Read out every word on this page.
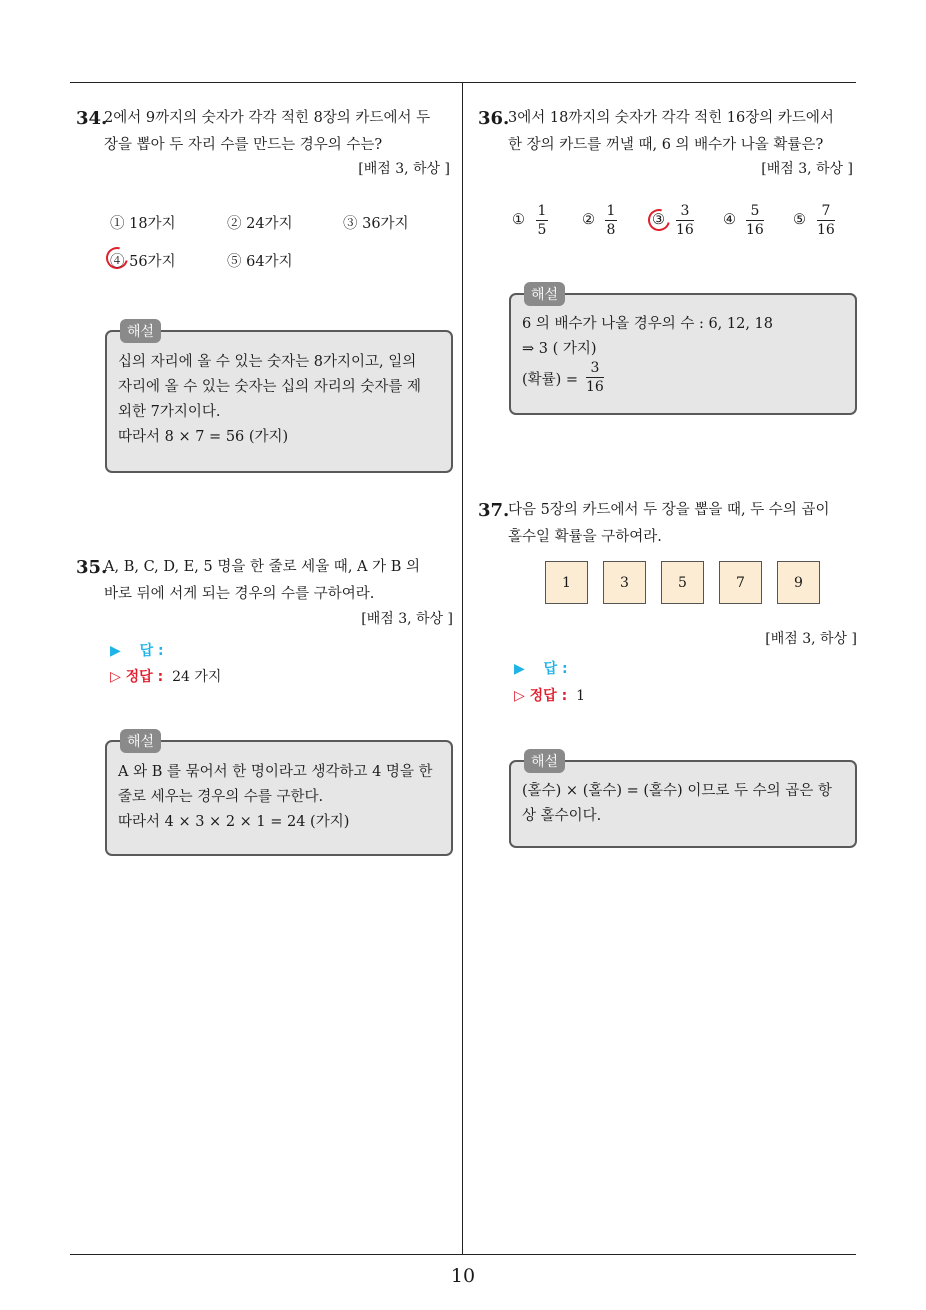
34.
2에서 9까지의 숫자가 각각 적힌 8장의 카드에서 두
장을 뽑아 두 자리 수를 만드는 경우의 수는?
[배점 3, 하상 ]
① 18가지	② 24가지	③ 36가지
④ 56가지	⑤ 64가지
해설
십의 자리에 올 수 있는 숫자는 8가지이고, 일의
자리에 올 수 있는 숫자는 십의 자리의 숫자를 제
외한 7가지이다.
따라서 8 × 7 = 56 (가지)
35.
A, B, C, D, E, 5 명을 한 줄로 세울 때, A 가 B 의
바로 뒤에 서게 되는 경우의 수를 구하여라.
[배점 3, 하상 ]
▶ 답 :
▷ 정답 : 24 가지
해설
A 와 B 를 묶어서 한 명이라고 생각하고 4 명을 한
줄로 세우는 경우의 수를 구한다.
따라서 4 × 3 × 2 × 1 = 24 (가지)
36.
3에서 18까지의 숫자가 각각 적힌 16장의 카드에서
한 장의 카드를 꺼낼 때, 6 의 배수가 나올 확률은?
[배점 3, 하상 ]
①
1
5
②
1
8
③
3
16
④
5
16
⑤
7
16
해설
6 의 배수가 나올 경우의 수 : 6, 12, 18
⇒ 3 ( 가지)
(확률) =
3
16
37.
다음 5장의 카드에서 두 장을 뽑을 때, 두 수의 곱이
홀수일 확률을 구하여라.
1	3	5	7	9
[배점 3, 하상 ]
▶ 답 :
▷ 정답 : 1
해설
(홀수) × (홀수) = (홀수) 이므로 두 수의 곱은 항
상 홀수이다.
10
